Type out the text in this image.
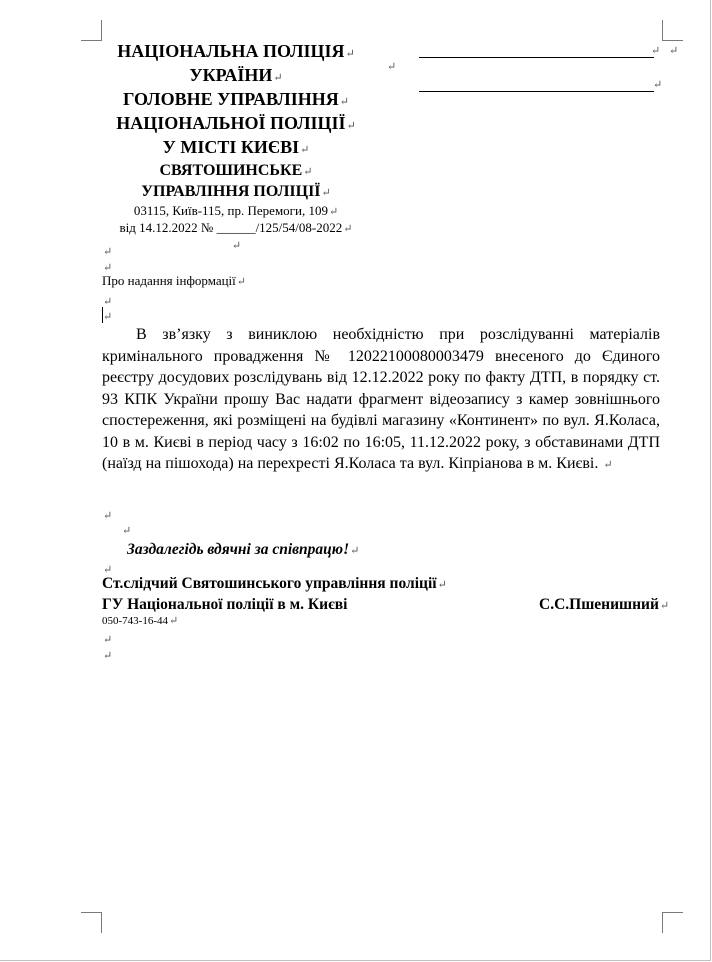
НАЦІОНАЛЬНА ПОЛІЦІЯ ↵
УКРАЇНИ ↵
ГОЛОВНЕ УПРАВЛІННЯ ↵
НАЦІОНАЛЬНОЇ ПОЛІЦІЇ ↵
У МІСТІ КИЄВІ ↵
СВЯТОШИНСЬКЕ ↵
УПРАВЛІННЯ ПОЛІЦІЇ ↵
03115, Київ-115, пр. Перемоги, 109 ↵
від 14.12.2022 № ______/125/54/08-2022 ↵
↵
↵
↵
↵
↵
↵
↵
Про надання інформації ↵
↵
↵

В зв’язку з виниклою необхідністю при розслідуванні матеріалів кримінального провадження № 12022100080003479 внесеного до Єдиного реєстру досудових розслідувань від 12.12.2022 року по факту ДТП, в порядку ст. 93 КПК України прошу Вас надати фрагмент відеозапису з камер зовнішнього спостереження, які розміщені на будівлі магазину «Континент» по вул. Я.Коласа, 10 в м. Києві в період часу з 16:02 по 16:05, 11.12.2022 року, з обставинами ДТП (наїзд на пішохода) на перехресті Я.Коласа та вул. Кіпріанова в м. Києві. ↵

↵
↵
Заздалегідь вдячні за співпрацю! ↵
↵
Ст.слідчий Святошинського управління поліції ↵
ГУ Національної поліції в м. Києві	С.С.Пшенишний ↵
050-743-16-44 ↵
↵
↵
